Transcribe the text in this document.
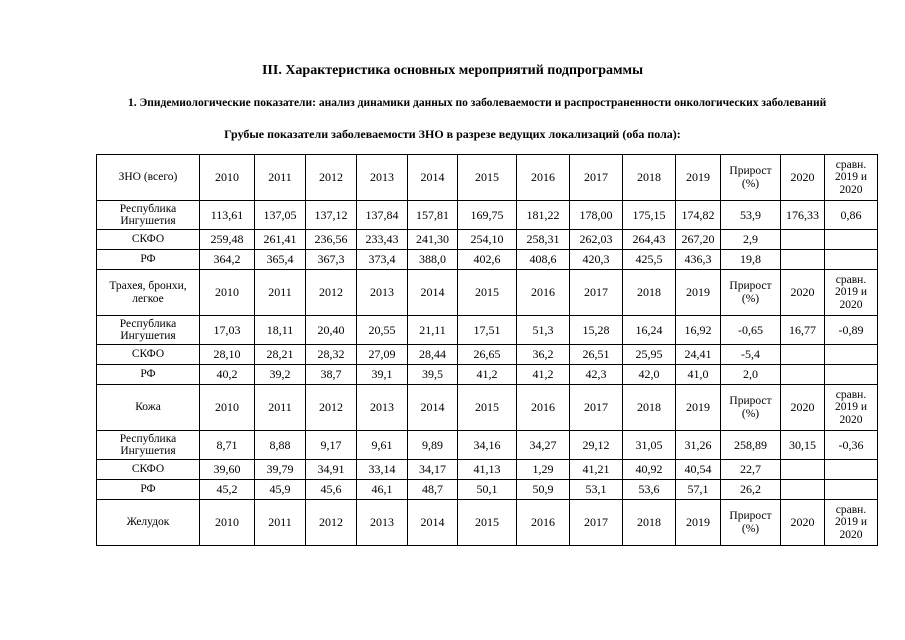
III. Характеристика основных мероприятий подпрограммы
1. Эпидемиологические показатели: анализ динамики данных по заболеваемости и распространенности онкологических заболеваний
Грубые показатели заболеваемости ЗНО в разрезе ведущих локализаций (оба пола):
ЗНО (всего)	2010	2011	2012	2013	2014	2015	2016	2017	2018	2019	Прирост (%)	2020	сравн. 2019 и 2020
Республика Ингушетия	113,61	137,05	137,12	137,84	157,81	169,75	181,22	178,00	175,15	174,82	53,9	176,33	0,86
СКФО	259,48	261,41	236,56	233,43	241,30	254,10	258,31	262,03	264,43	267,20	2,9		
РФ	364,2	365,4	367,3	373,4	388,0	402,6	408,6	420,3	425,5	436,3	19,8		
Трахея, бронхи, легкое	2010	2011	2012	2013	2014	2015	2016	2017	2018	2019	Прирост (%)	2020	сравн. 2019 и 2020
Республика Ингушетия	17,03	18,11	20,40	20,55	21,11	17,51	51,3	15,28	16,24	16,92	-0,65	16,77	-0,89
СКФО	28,10	28,21	28,32	27,09	28,44	26,65	36,2	26,51	25,95	24,41	-5,4		
РФ	40,2	39,2	38,7	39,1	39,5	41,2	41,2	42,3	42,0	41,0	2,0		
Кожа	2010	2011	2012	2013	2014	2015	2016	2017	2018	2019	Прирост (%)	2020	сравн. 2019 и 2020
Республика Ингушетия	8,71	8,88	9,17	9,61	9,89	34,16	34,27	29,12	31,05	31,26	258,89	30,15	-0,36
СКФО	39,60	39,79	34,91	33,14	34,17	41,13	1,29	41,21	40,92	40,54	22,7		
РФ	45,2	45,9	45,6	46,1	48,7	50,1	50,9	53,1	53,6	57,1	26,2		
Желудок	2010	2011	2012	2013	2014	2015	2016	2017	2018	2019	Прирост (%)	2020	сравн. 2019 и 2020
